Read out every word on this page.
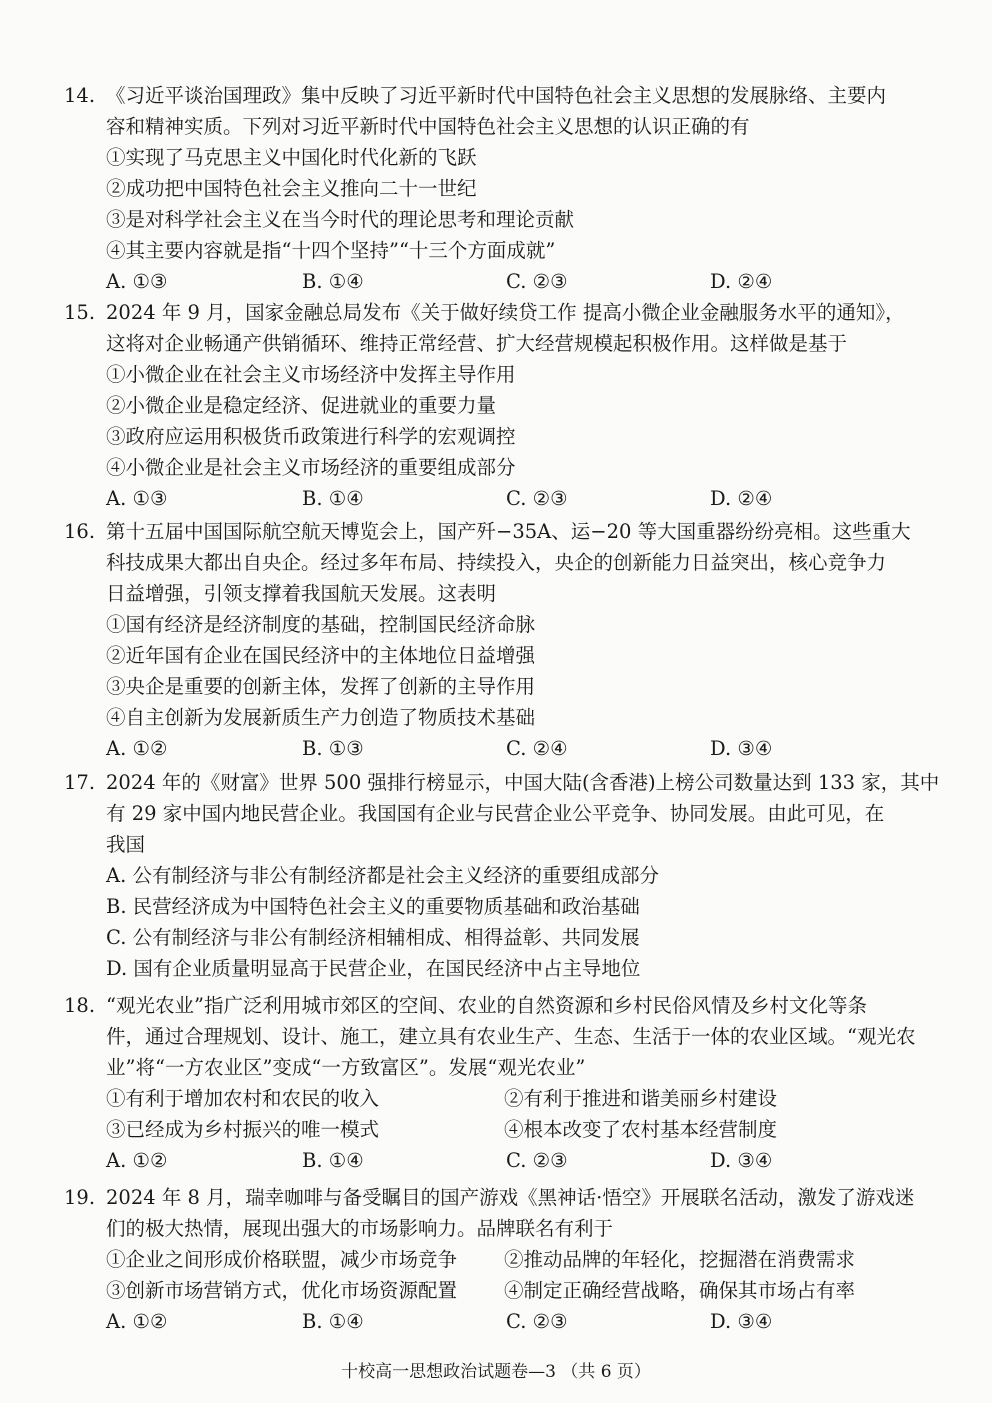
14. 《习近平谈治国理政》集中反映了习近平新时代中国特色社会主义思想的发展脉络、主要内
容和精神实质。下列对习近平新时代中国特色社会主义思想的认识正确的有
①实现了马克思主义中国化时代化新的飞跃
②成功把中国特色社会主义推向二十一世纪
③是对科学社会主义在当今时代的理论思考和理论贡献
④其主要内容就是指“十四个坚持”“十三个方面成就”
A. ①③	B. ①④	C. ②③	D. ②④
15. 2024 年 9 月，国家金融总局发布《关于做好续贷工作 提高小微企业金融服务水平的通知》，
这将对企业畅通产供销循环、维持正常经营、扩大经营规模起积极作用。这样做是基于
①小微企业在社会主义市场经济中发挥主导作用
②小微企业是稳定经济、促进就业的重要力量
③政府应运用积极货币政策进行科学的宏观调控
④小微企业是社会主义市场经济的重要组成部分
A. ①③	B. ①④	C. ②③	D. ②④
16. 第十五届中国国际航空航天博览会上，国产歼−35A、运−20 等大国重器纷纷亮相。这些重大
科技成果大都出自央企。经过多年布局、持续投入，央企的创新能力日益突出，核心竞争力
日益增强，引领支撑着我国航天发展。这表明
①国有经济是经济制度的基础，控制国民经济命脉
②近年国有企业在国民经济中的主体地位日益增强
③央企是重要的创新主体，发挥了创新的主导作用
④自主创新为发展新质生产力创造了物质技术基础
A. ①②	B. ①③	C. ②④	D. ③④
17. 2024 年的《财富》世界 500 强排行榜显示，中国大陆(含香港)上榜公司数量达到 133 家，其中
有 29 家中国内地民营企业。我国国有企业与民营企业公平竞争、协同发展。由此可见，在
我国
A. 公有制经济与非公有制经济都是社会主义经济的重要组成部分
B. 民营经济成为中国特色社会主义的重要物质基础和政治基础
C. 公有制经济与非公有制经济相辅相成、相得益彰、共同发展
D. 国有企业质量明显高于民营企业，在国民经济中占主导地位
18. “观光农业”指广泛利用城市郊区的空间、农业的自然资源和乡村民俗风情及乡村文化等条
件，通过合理规划、设计、施工，建立具有农业生产、生态、生活于一体的农业区域。“观光农
业”将“一方农业区”变成“一方致富区”。发展“观光农业”
①有利于增加农村和农民的收入	②有利于推进和谐美丽乡村建设
③已经成为乡村振兴的唯一模式	④根本改变了农村基本经营制度
A. ①②	B. ①④	C. ②③	D. ③④
19. 2024 年 8 月，瑞幸咖啡与备受瞩目的国产游戏《黑神话·悟空》开展联名活动，激发了游戏迷
们的极大热情，展现出强大的市场影响力。品牌联名有利于
①企业之间形成价格联盟，减少市场竞争	②推动品牌的年轻化，挖掘潜在消费需求
③创新市场营销方式，优化市场资源配置	④制定正确经营战略，确保其市场占有率
A. ①②	B. ①④	C. ②③	D. ③④
十校高一思想政治试题卷—3 （共 6 页）
